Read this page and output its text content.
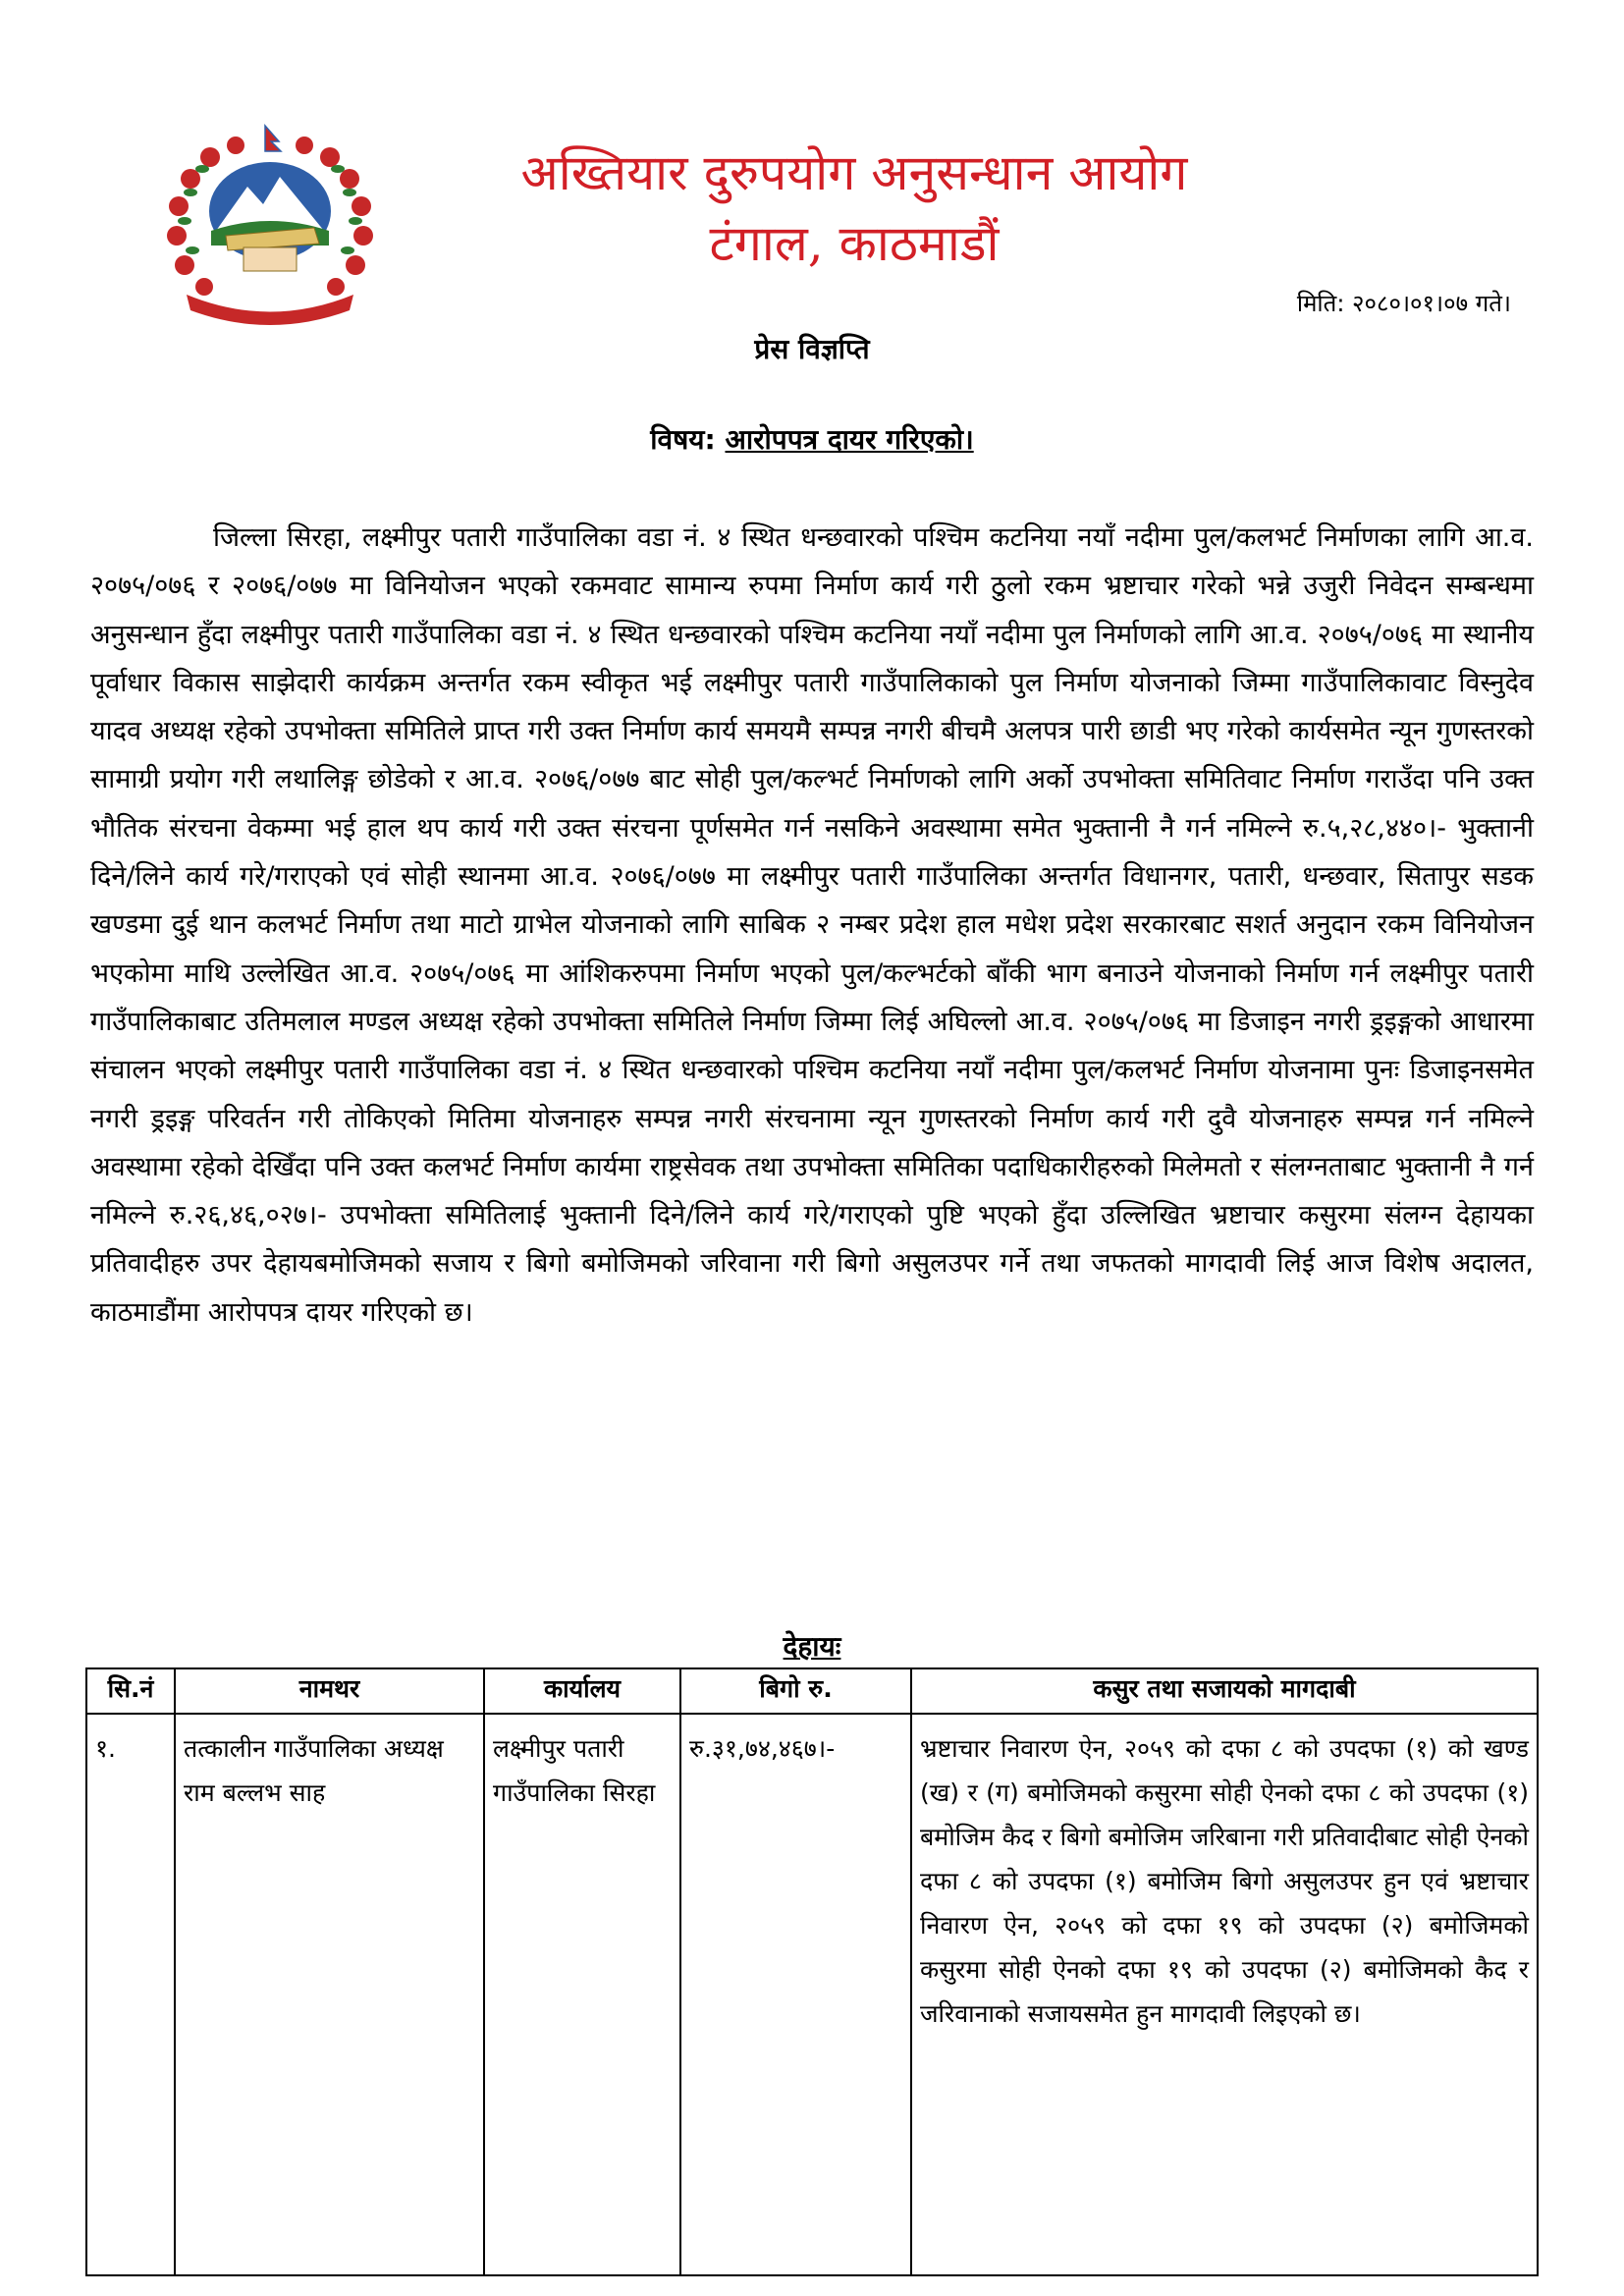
अख्तियार दुरुपयोग अनुसन्धान आयोग
टंगाल, काठमाडौं
मिति: २०८०।०१।०७ गते।
प्रेस विज्ञप्ति
विषय: आरोपपत्र दायर गरिएको।

जिल्ला सिरहा, लक्ष्मीपुर पतारी गाउँपालिका वडा नं. ४ स्थित धन्छवारको पश्चिम कटनिया नयाँ नदीमा पुल/कलभर्ट निर्माणका लागि आ.व. २०७५/०७६ र २०७६/०७७ मा विनियोजन भएको रकमवाट सामान्य रुपमा निर्माण कार्य गरी ठुलो रकम भ्रष्टाचार गरेको भन्ने उजुरी निवेदन सम्बन्धमा अनुसन्धान हुँदा लक्ष्मीपुर पतारी गाउँपालिका वडा नं. ४ स्थित धन्छवारको पश्चिम कटनिया नयाँ नदीमा पुल निर्माणको लागि आ.व. २०७५/०७६ मा स्थानीय पूर्वाधार विकास साझेदारी कार्यक्रम अन्तर्गत रकम स्वीकृत भई लक्ष्मीपुर पतारी गाउँपालिकाको पुल निर्माण योजनाको जिम्मा गाउँपालिकावाट विस्नुदेव यादव अध्यक्ष रहेको उपभोक्ता समितिले प्राप्त गरी उक्त निर्माण कार्य समयमै सम्पन्न नगरी बीचमै अलपत्र पारी छाडी भए गरेको कार्यसमेत न्यून गुणस्तरको सामाग्री प्रयोग गरी लथालिङ्ग छोडेको र आ.व. २०७६/०७७ बाट सोही पुल/कल्भर्ट निर्माणको लागि अर्को उपभोक्ता समितिवाट निर्माण गराउँदा पनि उक्त भौतिक संरचना वेकम्मा भई हाल थप कार्य गरी उक्त संरचना पूर्णसमेत गर्न नसकिने अवस्थामा समेत भुक्तानी नै गर्न नमिल्ने रु.५,२८,४४०।- भुक्तानी दिने/लिने कार्य गरे/गराएको एवं सोही स्थानमा आ.व. २०७६/०७७ मा लक्ष्मीपुर पतारी गाउँपालिका अन्तर्गत विधानगर, पतारी, धन्छवार, सितापुर सडक खण्डमा दुई थान कलभर्ट निर्माण तथा माटो ग्राभेल योजनाको लागि साबिक २ नम्बर प्रदेश हाल मधेश प्रदेश सरकारबाट सशर्त अनुदान रकम विनियोजन भएकोमा माथि उल्लेखित आ.व. २०७५/०७६ मा आंशिकरुपमा निर्माण भएको पुल/कल्भर्टको बाँकी भाग बनाउने योजनाको निर्माण गर्न लक्ष्मीपुर पतारी गाउँपालिकाबाट उतिमलाल मण्डल अध्यक्ष रहेको उपभोक्ता समितिले निर्माण जिम्मा लिई अघिल्लो आ.व. २०७५/०७६ मा डिजाइन नगरी ड्रइङ्गको आधारमा संचालन भएको लक्ष्मीपुर पतारी गाउँपालिका वडा नं. ४ स्थित धन्छवारको पश्चिम कटनिया नयाँ नदीमा पुल/कलभर्ट निर्माण योजनामा पुनः डिजाइनसमेत नगरी ड्रइङ्ग परिवर्तन गरी तोकिएको मितिमा योजनाहरु सम्पन्न नगरी संरचनामा न्यून गुणस्तरको निर्माण कार्य गरी दुवै योजनाहरु सम्पन्न गर्न नमिल्ने अवस्थामा रहेको देखिँदा पनि उक्त कलभर्ट निर्माण कार्यमा राष्ट्रसेवक तथा उपभोक्ता समितिका पदाधिकारीहरुको मिलेमतो र संलग्नताबाट भुक्तानी नै गर्न नमिल्ने रु.२६,४६,०२७।- उपभोक्ता समितिलाई भुक्तानी दिने/लिने कार्य गरे/गराएको पुष्टि भएको हुँदा उल्लिखित भ्रष्टाचार कसुरमा संलग्न देहायका प्रतिवादीहरु उपर देहायबमोजिमको सजाय र बिगो बमोजिमको जरिवाना गरी बिगो असुलउपर गर्ने तथा जफतको मागदावी लिई आज विशेष अदालत, काठमाडौंमा आरोपपत्र दायर गरिएको छ।

देहायः
सि.नं	नामथर	कार्यालय	बिगो रु.	कसुर तथा सजायको मागदाबी
१.	तत्कालीन गाउँपालिका अध्यक्ष राम बल्लभ साह	लक्ष्मीपुर पतारी गाउँपालिका सिरहा	रु.३१,७४,४६७।-	भ्रष्टाचार निवारण ऐन, २०५९ को दफा ८ को उपदफा (१) को खण्ड (ख) र (ग) बमोजिमको कसुरमा सोही ऐनको दफा ८ को उपदफा (१) बमोजिम कैद र बिगो बमोजिम जरिबाना गरी प्रतिवादीबाट सोही ऐनको दफा ८ को उपदफा (१) बमोजिम बिगो असुलउपर हुन एवं भ्रष्टाचार निवारण ऐन, २०५९ को दफा १९ को उपदफा (२) बमोजिमको कसुरमा सोही ऐनको दफा १९ को उपदफा (२) बमोजिमको कैद र जरिवानाको सजायसमेत हुन मागदावी लिइएको छ।
